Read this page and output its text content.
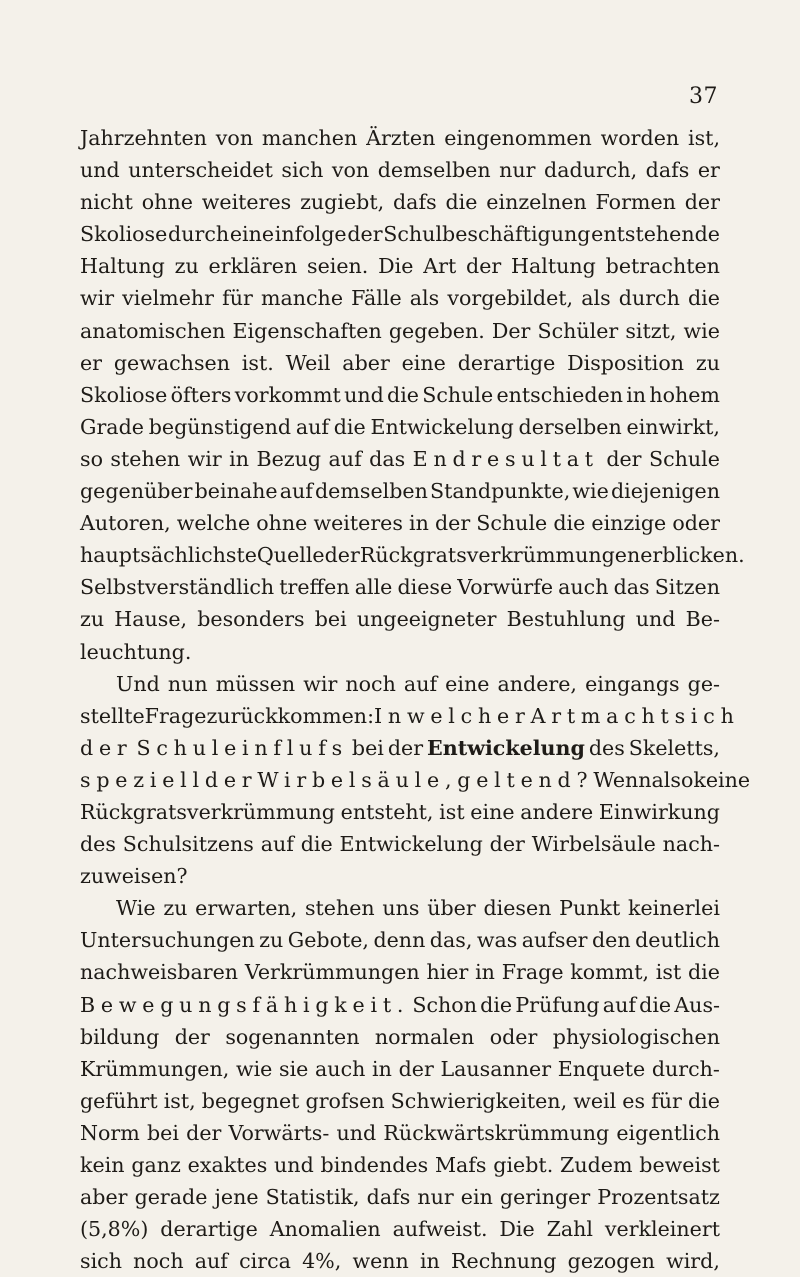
37
Jahrzehnten von manchen Ärzten eingenommen worden ist,
und unterscheidet sich von demselben nur dadurch, dafs er
nicht ohne weiteres zugiebt, dafs die einzelnen Formen der
Skoliose durch eine infolge der Schulbeschäftigung entstehende
Haltung zu erklären seien. Die Art der Haltung betrachten
wir vielmehr für manche Fälle als vorgebildet, als durch die
anatomischen Eigenschaften gegeben. Der Schüler sitzt, wie
er gewachsen ist. Weil aber eine derartige Disposition zu
Skoliose öfters vorkommt und die Schule entschieden in hohem
Grade begünstigend auf die Entwickelung derselben einwirkt,
so stehen wir in Bezug auf das Endresultat der Schule
gegenüber beinahe auf demselben Standpunkte, wie diejenigen
Autoren, welche ohne weiteres in der Schule die einzige oder
hauptsächlichste Quelle der Rückgratsverkrümmungen erblicken.
Selbstverständlich treffen alle diese Vorwürfe auch das Sitzen
zu Hause, besonders bei ungeeigneter Bestuhlung und Be-
leuchtung.
Und nun müssen wir noch auf eine andere, eingangs ge-
stellte Frage zurückkommen: In welcher Art macht sich
der Schuleinflufs bei der Entwickelung des Skeletts,
speziell der Wirbelsäule, geltend? Wenn also keine
Rückgratsverkrümmung entsteht, ist eine andere Einwirkung
des Schulsitzens auf die Entwickelung der Wirbelsäule nach-
zuweisen?
Wie zu erwarten, stehen uns über diesen Punkt keinerlei
Untersuchungen zu Gebote, denn das, was aufser den deutlich
nachweisbaren Verkrümmungen hier in Frage kommt, ist die
Bewegungsfähigkeit. Schon die Prüfung auf die Aus-
bildung der sogenannten normalen oder physiologischen
Krümmungen, wie sie auch in der Lausanner Enquete durch-
geführt ist, begegnet grofsen Schwierigkeiten, weil es für die
Norm bei der Vorwärts- und Rückwärtskrümmung eigentlich
kein ganz exaktes und bindendes Mafs giebt. Zudem beweist
aber gerade jene Statistik, dafs nur ein geringer Prozentsatz
(5,8%) derartige Anomalien aufweist. Die Zahl verkleinert
sich noch auf circa 4%, wenn in Rechnung gezogen wird,
